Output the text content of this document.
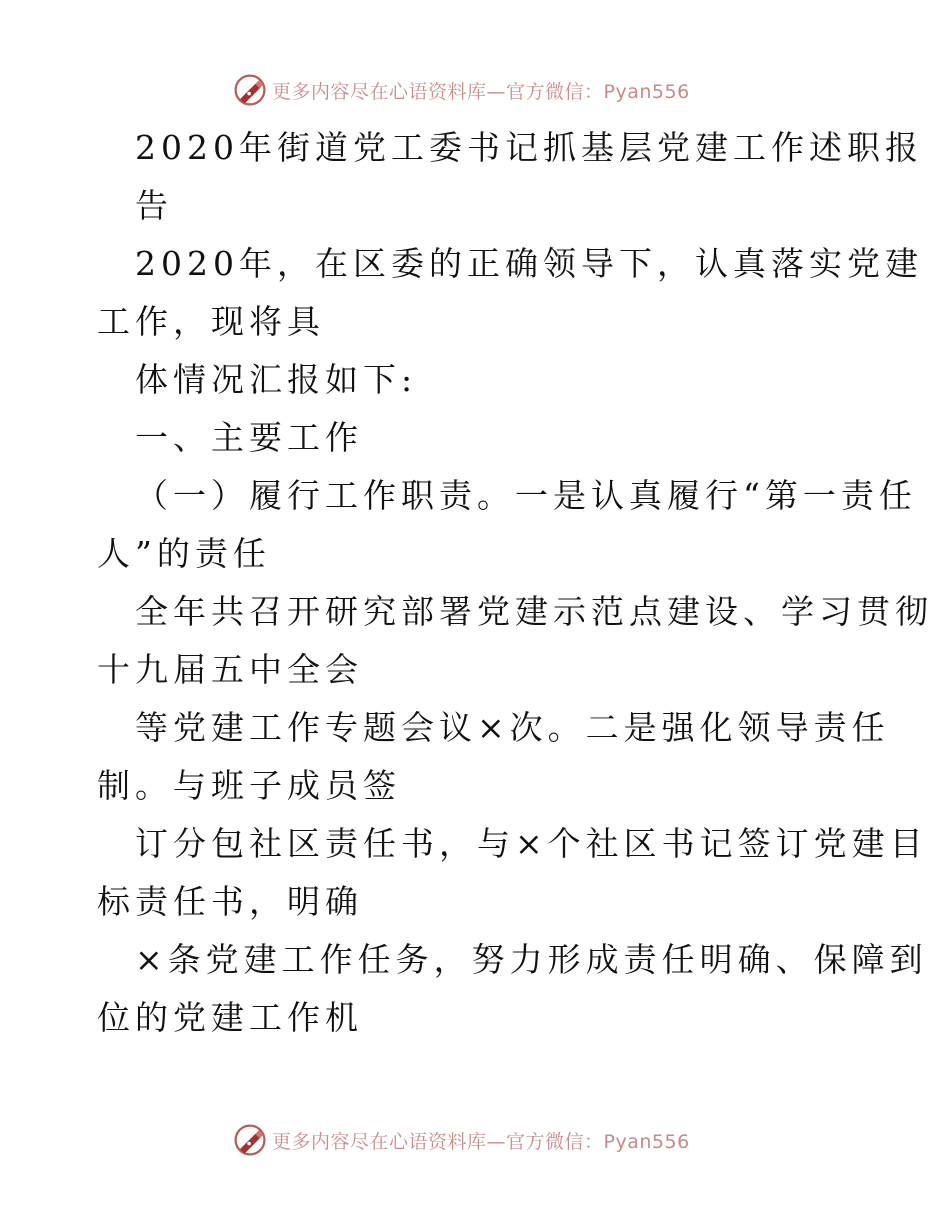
更多内容尽在心语资料库—官方微信：Pyan556
2020年街道党工委书记抓基层党建工作述职报
告
2020年，在区委的正确领导下，认真落实党建
工作，现将具
体情况汇报如下:
一、主要工作
（一）履行工作职责。一是认真履行“第一责任
人”的责任
全年共召开研究部署党建示范点建设、学习贯彻
十九届五中全会
等党建工作专题会议×次。二是强化领导责任
制。与班子成员签
订分包社区责任书，与×个社区书记签订党建目
标责任书，明确
×条党建工作任务，努力形成责任明确、保障到
位的党建工作机
更多内容尽在心语资料库—官方微信：Pyan556
